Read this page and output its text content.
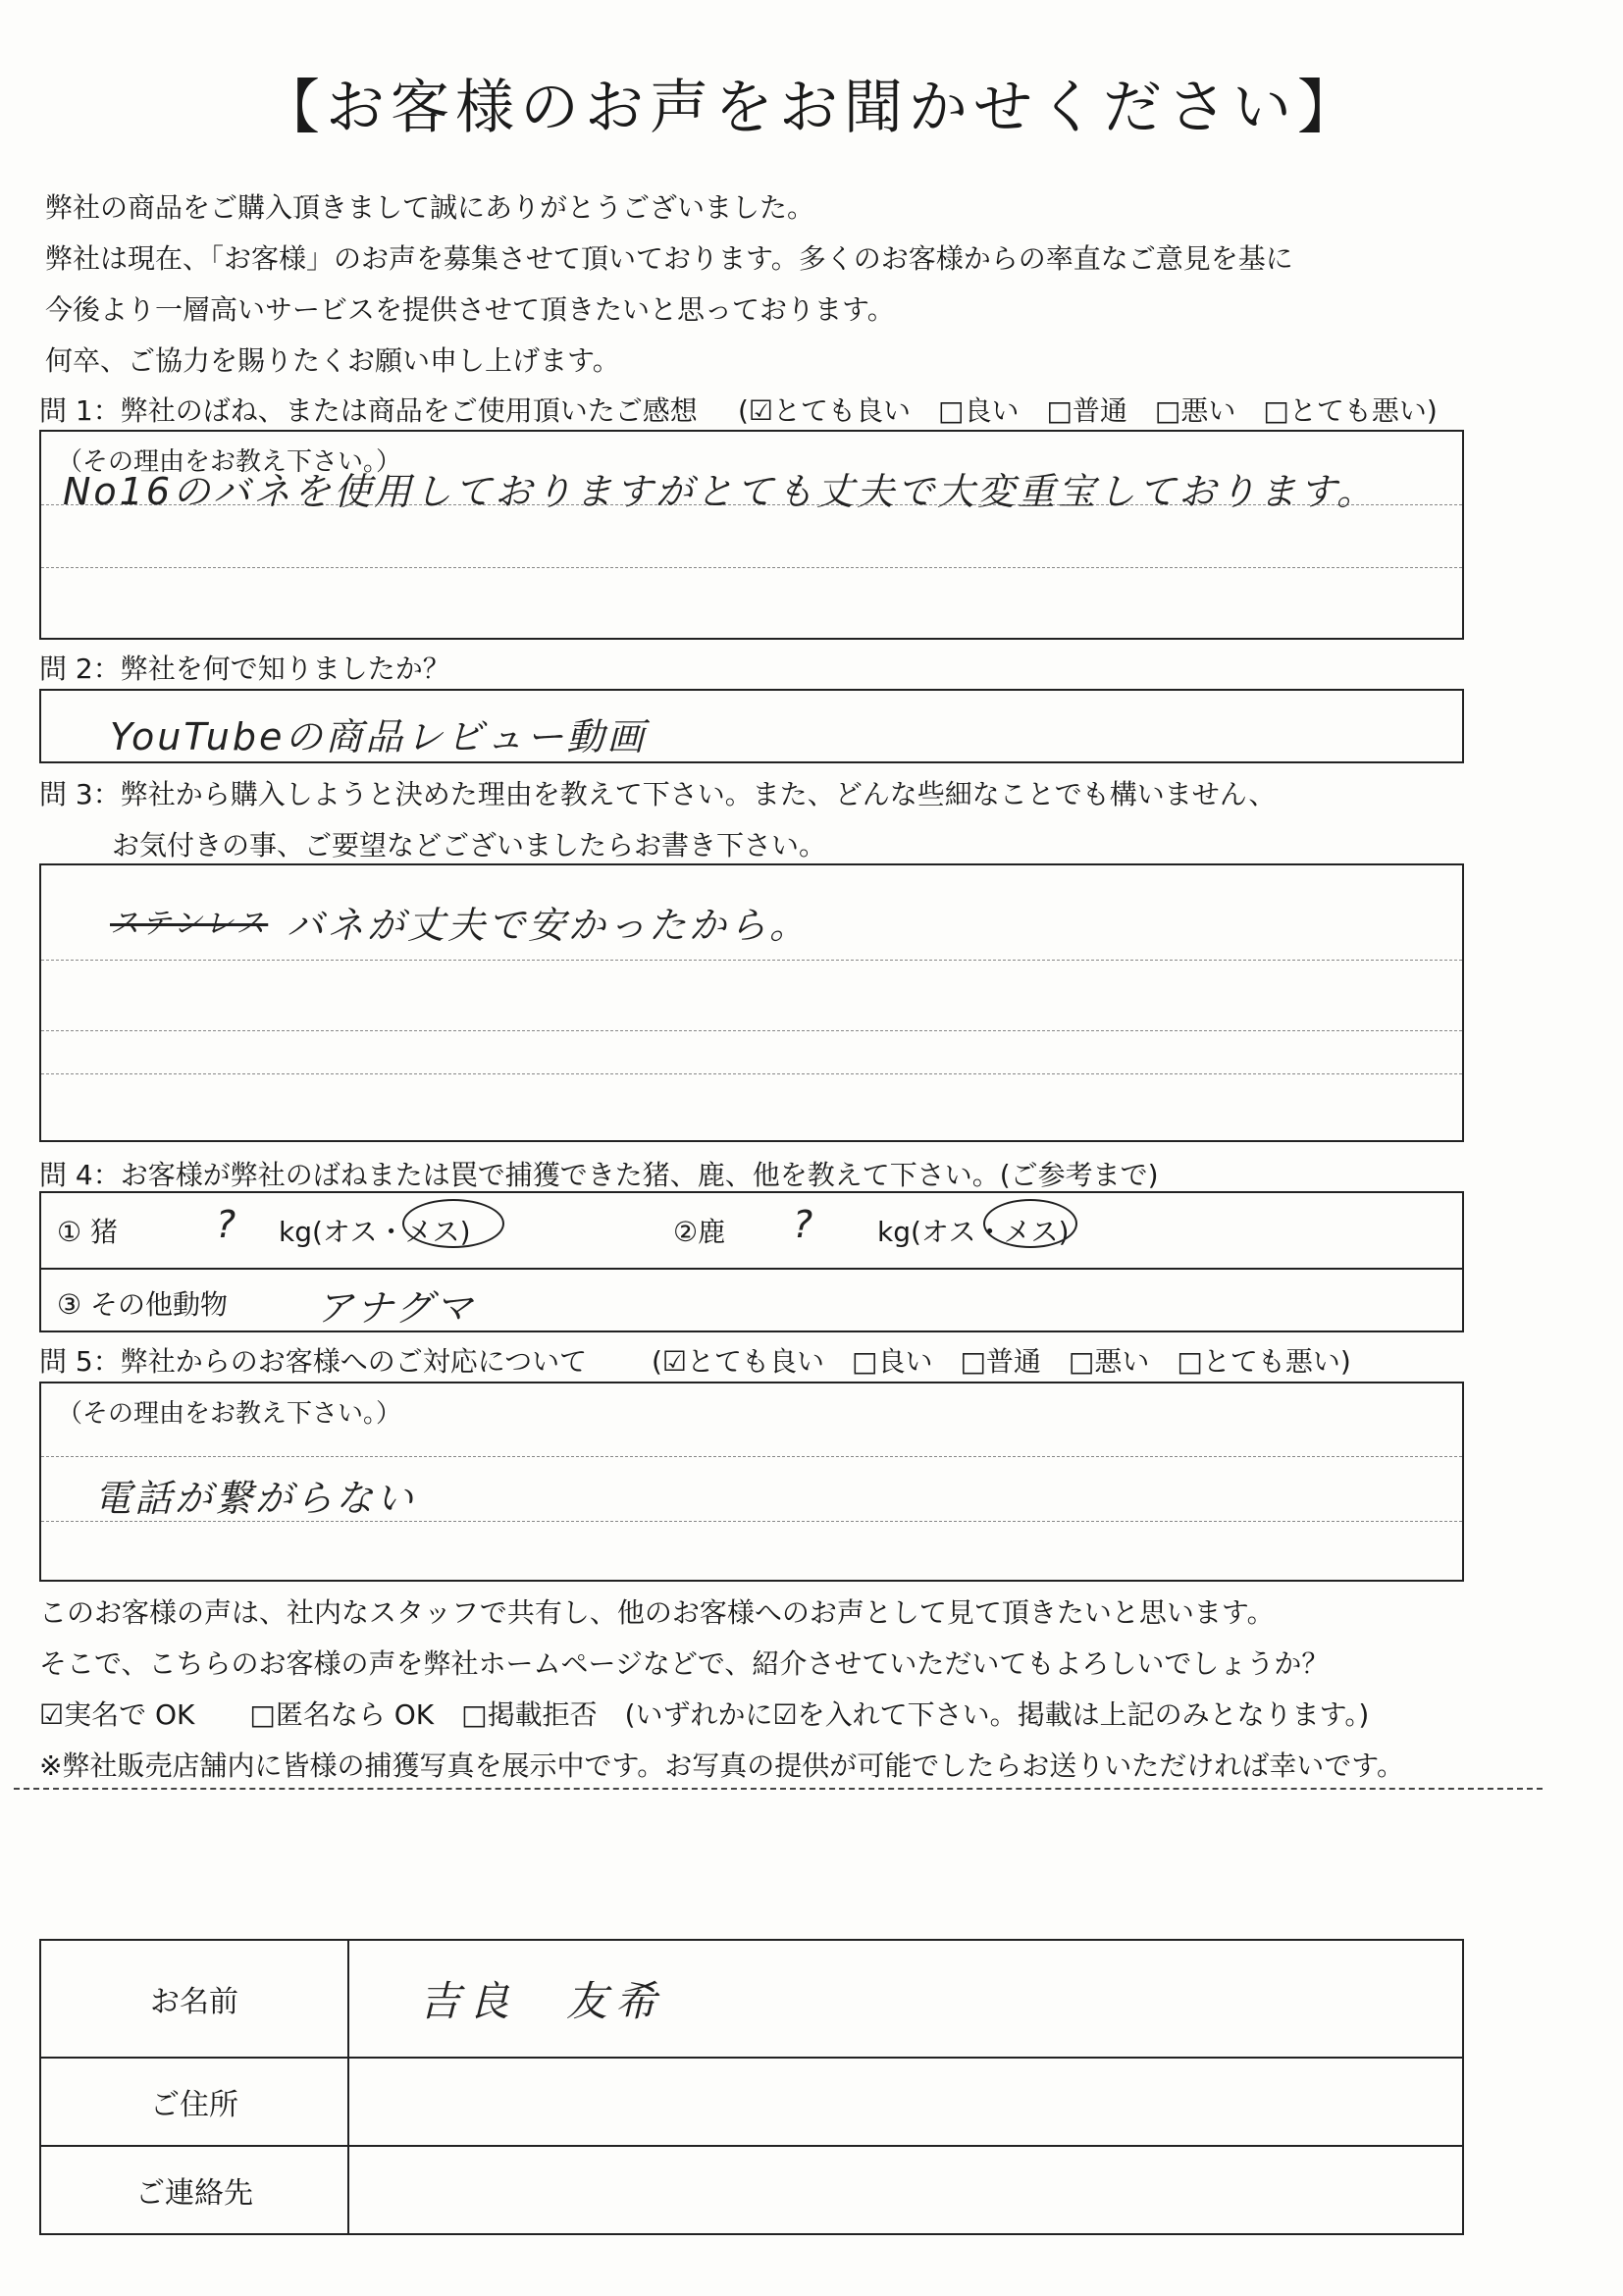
【お客様のお声をお聞かせください】
弊社の商品をご購入頂きまして誠にありがとうございました。
弊社は現在、「お客様」のお声を募集させて頂いております。多くのお客様からの率直なご意見を基に
今後より一層高いサービスを提供させて頂きたいと思っております。
何卒、ご協力を賜りたくお願い申し上げます。
問 1：弊社のばね、または商品をご使用頂いたご感想 (☑とても良い　□良い　□普通　□悪い　□とても悪い)
（その理由をお教え下さい。）
No16のバネを使用しておりますがとても丈夫で大変重宝しております。
問 2：弊社を何で知りましたか？
YouTubeの商品レビュー動画
問 3：弊社から購入しようと決めた理由を教えて下さい。また、どんな些細なことでも構いません、
お気付きの事、ご要望などございましたらお書き下さい。
ステンレス バネが丈夫で安かったから。
問 4：お客様が弊社のばねまたは罠で捕獲できた猪、鹿、他を教えて下さい。(ご参考まで)
① 猪	? kg(オス・メス)	②鹿 ? kg(オス・メス)
③ その他動物 アナグマ
問 5：弊社からのお客様へのご対応について (☑とても良い　□良い　□普通　□悪い　□とても悪い)
（その理由をお教え下さい。）
電話が繋がらない
このお客様の声は、社内なスタッフで共有し、他のお客様へのお声として見て頂きたいと思います。
そこで、こちらのお客様の声を弊社ホームページなどで、紹介させていただいてもよろしいでしょうか？
☑実名で OK　　□匿名なら OK　□掲載拒否　(いずれかに☑を入れて下さい。掲載は上記のみとなります。)
※弊社販売店舗内に皆様の捕獲写真を展示中です。お写真の提供が可能でしたらお送りいただければ幸いです。
お名前	吉良　友希
ご住所	
ご連絡先	
